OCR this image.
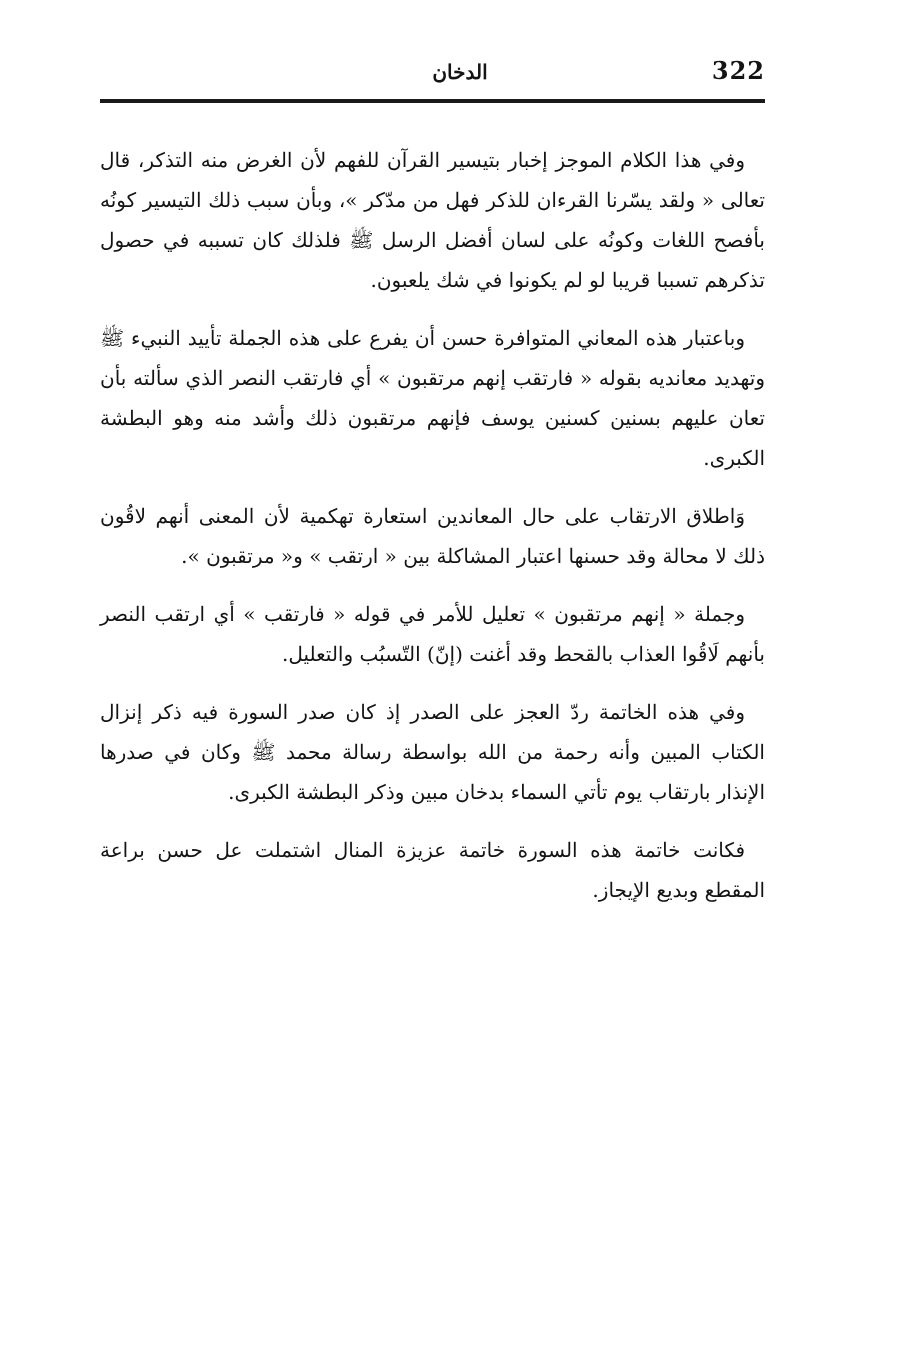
322
الدخان

وفي هذا الكلام الموجز إخبار بتيسير القرآن للفهم لأن الغرض منه التذكر، قال تعالى « ولقد يسّرنا القرءان للذكر فهل من مدّكر »، وبأن سبب ذلك التيسير كونُه بأفصح اللغات وكونُه على لسان أفضل الرسل ﷺ فلذلك كان تسببه في حصول تذكرهم تسببا قريبا لو لم يكونوا في شك يلعبون.

وباعتبار هذه المعاني المتوافرة حسن أن يفرع على هذه الجملة تأييد النبيء ﷺ وتهديد معانديه بقوله « فارتقب إنهم مرتقبون » أي فارتقب النصر الذي سألته بأن تعان عليهم بسنين كسنين يوسف فإنهم مرتقبون ذلك وأشد منه وهو البطشة الكبرى.

وَاطلاق الارتقاب على حال المعاندين استعارة تهكمية لأن المعنى أنهم لاقُون ذلك لا محالة وقد حسنها اعتبار المشاكلة بين « ارتقب » و« مرتقبون ».

وجملة « إنهم مرتقبون » تعليل للأمر في قوله « فارتقب » أي ارتقب النصر بأنهم لَاقُوا العذاب بالقحط وقد أغنت (إنّ) التّسبُب والتعليل.

وفي هذه الخاتمة ردّ العجز على الصدر إذ كان صدر السورة فيه ذكر إنزال الكتاب المبين وأنه رحمة من الله بواسطة رسالة محمد ﷺ وكان في صدرها الإنذار بارتقاب يوم تأتي السماء بدخان مبين وذكر البطشة الكبرى.

فكانت خاتمة هذه السورة خاتمة عزيزة المنال اشتملت عل حسن براعة المقطع وبديع الإيجاز.
